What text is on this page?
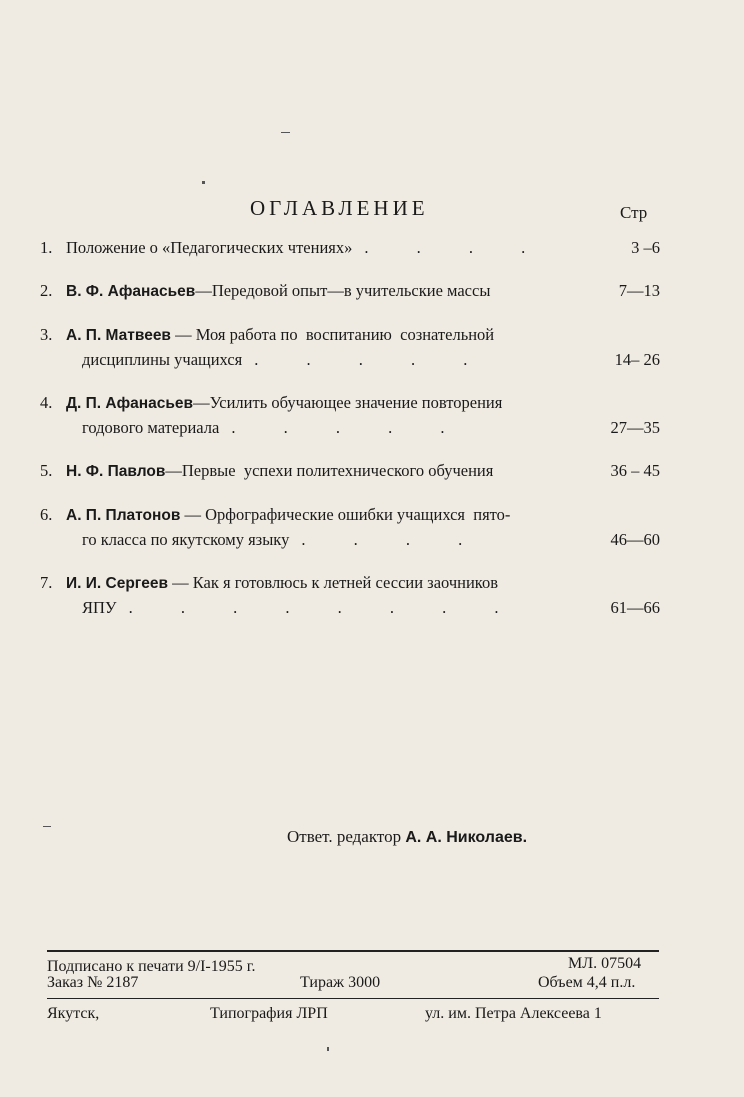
ОГЛАВЛЕНИЕ	Стр
1. Положение о «Педагогических чтениях» . . . .	3 –6
2. В. Ф. Афанасьев —Передовой опыт—в учительские массы	7—13
3. А. П. Матвеев — Моя работа по  воспитанию  сознательной
дисциплины учащихся . . . . .	14– 26
4. Д. П. Афанасьев —Усилить обучающее значение повторения
годового материала . . . . .	27—35
5. Н. Ф. Павлов —Первые  успехи политехнического обучения	36 – 45
6. А. П. Платонов — Орфографические ошибки учащихся  пято-
го класса по якутскому языку . . . .	46—60
7. И. И. Сергеев — Как я готовлюсь к летней сессии заочников
ЯПУ . . . . . . . .	61—66
Ответ. редактор А. А. Николаев.
Подписано к печати 9/I-1955 г.	МЛ. 07504
Заказ № 2187	Тираж 3000	Объем 4,4 п.л.
Якутск,	Типография ЛРП	ул. им. Петра Алексеева 1
